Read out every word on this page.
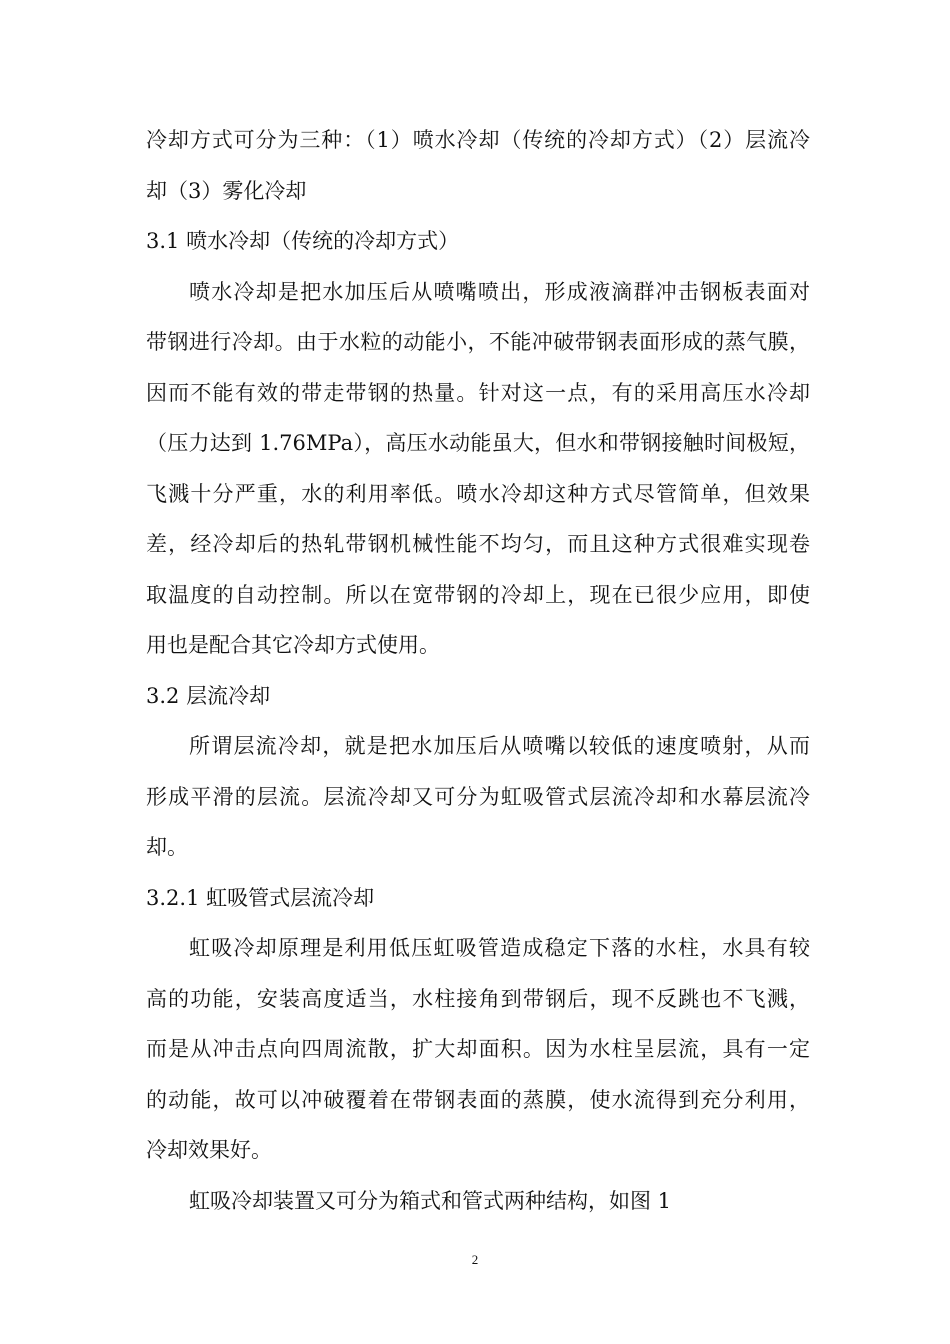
冷却方式可分为三种：（1）喷水冷却（传统的冷却方式）（2）层流冷

却（3）雾化冷却

3.1 喷水冷却（传统的冷却方式）

喷水冷却是把水加压后从喷嘴喷出，形成液滴群冲击钢板表面对

带钢进行冷却。由于水粒的动能小，不能冲破带钢表面形成的蒸气膜，

因而不能有效的带走带钢的热量。针对这一点，有的采用高压水冷却

（压力达到 1.76MPa），高压水动能虽大，但水和带钢接触时间极短，

飞溅十分严重，水的利用率低。喷水冷却这种方式尽管简单，但效果

差，经冷却后的热轧带钢机械性能不均匀，而且这种方式很难实现卷

取温度的自动控制。所以在宽带钢的冷却上，现在已很少应用，即使

用也是配合其它冷却方式使用。

3.2 层流冷却

所谓层流冷却，就是把水加压后从喷嘴以较低的速度喷射，从而

形成平滑的层流。层流冷却又可分为虹吸管式层流冷却和水幕层流冷

却。

3.2.1 虹吸管式层流冷却

虹吸冷却原理是利用低压虹吸管造成稳定下落的水柱，水具有较

高的功能，安装高度适当，水柱接角到带钢后，现不反跳也不飞溅，

而是从冲击点向四周流散，扩大却面积。因为水柱呈层流，具有一定

的动能，故可以冲破覆着在带钢表面的蒸膜，使水流得到充分利用，

冷却效果好。

虹吸冷却装置又可分为箱式和管式两种结构，如图 1

2
